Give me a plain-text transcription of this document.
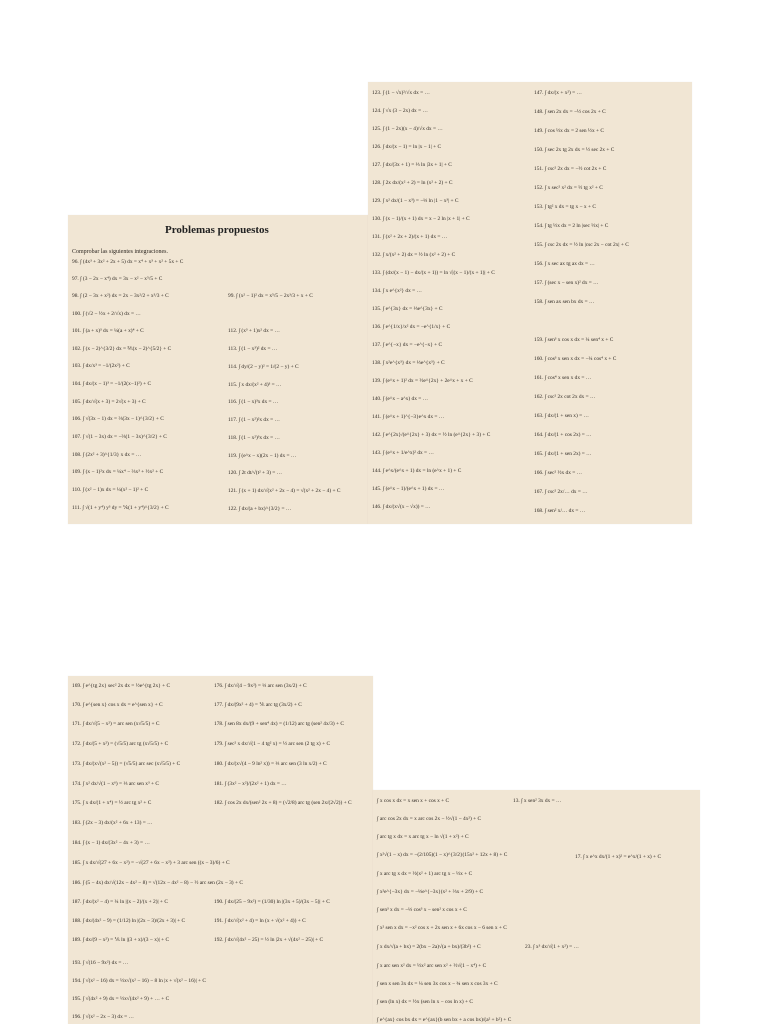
Problemas propuestos
Comprobar las siguientes integraciones.
96. ∫ (4x³ + 3x² + 2x + 5) dx = x⁴ + x³ + x² + 5x + C
97. ∫ (3 − 2x − x⁴) dx = 3x − x² − x⁵/5 + C
98. ∫ (2 − 3x + x²) dx = 2x − 3x²/2 + x³/3 + C
100. ∫ (√2 − ½x + 2/√x) dx = …
101. ∫ (a + x)³ dx = ¼(a + x)⁴ + C
102. ∫ (x − 2)^{3/2} dx = ⅖(x − 2)^{5/2} + C
103. ∫ dx/x³ = −1/(2x²) + C
104. ∫ dx/(x − 1)³ = −1/(2(x−1)²) + C
105. ∫ dx/√(x + 3) = 2√(x + 3) + C
106. ∫ √(3x − 1) dx = ⅔(3x − 1)^{3/2} + C
107. ∫ √(1 − 3x) dx = −⅔(1 − 3x)^{3/2} + C
108. ∫ (2x² + 3)^{1/3} x dx = …
109. ∫ (x − 1)²x dx = ¼x⁴ − ⅔x³ + ½x² + C
110. ∫ (x² − 1)x dx = ¼(x² − 1)² + C
111. ∫ √(1 + y⁴) y³ dy = ⅙(1 + y⁴)^{3/2} + C
99. ∫ (x² − 1)² dx = x⁵/5 − 2x³/3 + x + C
112. ∫ (x³ + 1)x² dx = …
113. ∫ (1 − x³)² dx = …
114. ∫ dy/(2 − y)² = 1/(2 − y) + C
115. ∫ x dx/(x² + 4)³ = …
116. ∫ (1 − x)³x dx = …
117. ∫ (1 − x²)²x dx = …
118. ∫ (1 − x²)³x dx = …
119. ∫ (e^x − x)(2x − 1) dx = …
120. ∫ 2t dt/√(t² + 3) = …
121. ∫ (x + 1) dx/√(x² + 2x − 4) = √(x² + 2x − 4) + C
122. ∫ dx/(a + bx)^{3/2} = …
123. ∫ (1 − √x)²/√x dx = …
124. ∫ √x (3 − 2x) dx = …
125. ∫ (1 − 2x)(x − 4)/√x dx = …
126. ∫ dx/(x − 1) = ln |x − 1| + C
127. ∫ dx/(3x + 1) = ⅓ ln |3x + 1| + C
128. ∫ 2x dx/(x² + 2) = ln (x² + 2) + C
129. ∫ x² dx/(1 − x³) = −⅓ ln |1 − x³| + C
130. ∫ (x − 1)/(x + 1) dx = x − 2 ln |x + 1| + C
131. ∫ (x² + 2x + 2)/(x + 1) dx = …
132. ∫ x/(x² + 2) dx = ½ ln (x² + 2) + C
133. ∫ (dx/(x − 1) − dx/(x + 1)) = ln √|(x − 1)/(x + 1)| + C
134. ∫ x e^{x²} dx = …
135. ∫ e^{3x} dx = ⅓e^{3x} + C
136. ∫ e^{1/x}/x² dx = −e^{1/x} + C
137. ∫ e^{−x} dx = −e^{−x} + C
138. ∫ x²e^{x³} dx = ⅓e^{x³} + C
139. ∫ (e^x + 1)² dx = ½e^{2x} + 2e^x + x + C
140. ∫ (e^x − a^x) dx = …
141. ∫ (e^x + 1)^{−3}e^x dx = …
142. ∫ e^{2x}/(e^{2x} + 3) dx = ½ ln (e^{2x} + 3) + C
143. ∫ (e^x + 1/e^x)² dx = …
144. ∫ e^x/(e^x + 1) dx = ln (e^x + 1) + C
145. ∫ (e^x − 1)/(e^x + 1) dx = …
146. ∫ dx/(x√(x − √x)) = …
147. ∫ dx/(x + x²) = …
148. ∫ sen 2x dx = −½ cos 2x + C
149. ∫ cos ½x dx = 2 sen ½x + C
150. ∫ sec 2x tg 2x dx = ½ sec 2x + C
151. ∫ csc² 2x dx = −½ cot 2x + C
152. ∫ x sec² x² dx = ½ tg x² + C
153. ∫ tg² x dx = tg x − x + C
154. ∫ tg ½x dx = 2 ln |sec ½x| + C
155. ∫ csc 2x dx = ½ ln |csc 2x − cot 2x| + C
156. ∫ x sec ax tg ax dx = …
157. ∫ (sec x − sen x)² dx = …
158. ∫ sen ax sen bx dx = …
159. ∫ sen³ x cos x dx = ¼ sen⁴ x + C
160. ∫ cos³ x sen x dx = −¼ cos⁴ x + C
161. ∫ cos⁴ x sen x dx = …
162. ∫ csc² 2x cot 2x dx = …
163. ∫ dx/(1 + sen x) = …
164. ∫ dx/(1 + cos 2x) = …
165. ∫ dx/(1 + sen 2x) = …
166. ∫ sec² ½x dx = …
167. ∫ csc² 2x/… dx = …
168. ∫ sen² x/… dx = …
169. ∫ e^{tg 2x} sec² 2x dx = ½e^{tg 2x} + C
170. ∫ e^{sen x} cos x dx = e^{sen x} + C
171. ∫ dx/√(5 − x²) = arc sen (x√5/5) + C
172. ∫ dx/(5 + x²) = (√5/5) arc tg (x√5/5) + C
173. ∫ dx/(x√(x² − 5)) = (√5/5) arc sec (x√5/5) + C
174. ∫ x² dx/√(1 − x⁶) = ⅓ arc sen x³ + C
175. ∫ x dx/(1 + x⁴) = ½ arc tg x² + C
183. ∫ (2x − 3) dx/(x² + 6x + 13) = …
184. ∫ (x − 1) dx/(3x² − 4x + 3) = …
185. ∫ x dx/√(27 + 6x − x²) = −√(27 + 6x − x²) + 3 arc sen ((x − 3)/6) + C
186. ∫ (5 − 4x) dx/√(12x − 4x² − 8) = √(12x − 4x² − 8) − ½ arc sen (2x − 3) + C
187. ∫ dx/(x² − 4) = ¼ ln |(x − 2)/(x + 2)| + C
188. ∫ dx/(4x² − 9) = (1/12) ln |(2x − 3)/(2x + 3)| + C
189. ∫ dx/(9 − x²) = ⅙ ln |(3 + x)/(3 − x)| + C
193. ∫ √(16 − 9x²) dx = …
194. ∫ √(x² − 16) dx = ½x√(x² − 16) − 8 ln |x + √(x² − 16)| + C
195. ∫ √(4x² + 9) dx = ½x√(4x² + 9) + … + C
196. ∫ √(x² − 2x − 3) dx = …
176. ∫ dx/√(4 − 9x²) = ⅓ arc sen (3x/2) + C
177. ∫ dx/(9x² + 4) = ⅙ arc tg (3x/2) + C
178. ∫ sen 8x dx/(9 + sen⁴ 4x) = (1/12) arc tg (sen² 4x/3) + C
179. ∫ sec² x dx/√(1 − 4 tg² x) = ½ arc sen (2 tg x) + C
180. ∫ dx/(x√(4 − 9 ln² x)) = ⅓ arc sen (3 ln x/2) + C
181. ∫ (3x² − x²)/(2x² + 1) dx = …
182. ∫ cos 2x dx/(sen² 2x + 8) = (√2/8) arc tg (sen 2x/(2√2)) + C
190. ∫ dx/(25 − 9x²) = (1/30) ln |(3x + 5)/(3x − 5)| + C
191. ∫ dx/√(x² + 4) = ln (x + √(x² + 4)) + C
192. ∫ dx/√(4x² − 25) = ½ ln |2x + √(4x² − 25)| + C
∫ x cos x dx = x sen x + cos x + C
∫ arc cos 2x dx = x arc cos 2x − ½√(1 − 4x²) + C
∫ arc tg x dx = x arc tg x − ln √(1 + x²) + C
∫ x²√(1 − x) dx = −(2/105)(1 − x)^{3/2}(15x² + 12x + 8) + C
∫ x arc tg x dx = ½(x² + 1) arc tg x − ½x + C
∫ x²e^{−3x} dx = −⅓e^{−3x}(x² + ⅔x + 2/9) + C
∫ sen³ x dx = −⅓ cos³ x − sen² x cos x + C
∫ x² sen x dx = −x² cos x + 2x sen x + 6x cos x − 6 sen x + C
∫ x dx/√(a + bx) = 2(bx − 2a)√(a + bx)/(3b²) + C
∫ x arc sen x² dx = ½x² arc sen x² + ½√(1 − x⁴) + C
∫ sen x sen 3x dx = ¼ sen 3x cos x − ¾ sen x cos 3x + C
∫ sen (ln x) dx = ½x (sen ln x − cos ln x) + C
∫ e^{ax} cos bx dx = e^{ax}(b sen bx + a cos bx)/(a² + b²) + C
13. ∫ x sen² 3x dx = …
17. ∫ x e^x dx/(1 + x)² = e^x/(1 + x) + C
23. ∫ x³ dx/√(1 + x²) = …
